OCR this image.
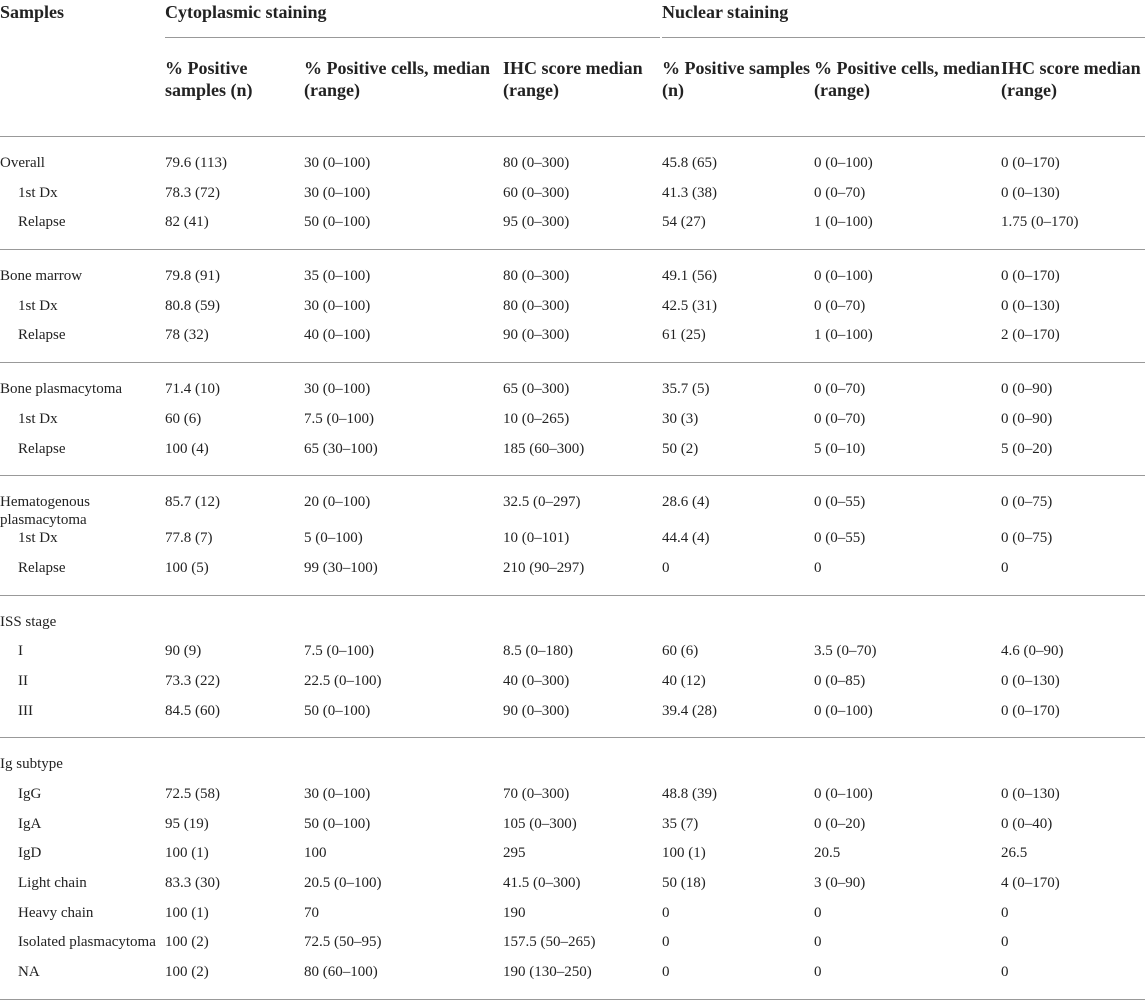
Samples	Cytoplasmic staining			Nuclear staining		

	% Positive samples (n)	% Positive cells, median (range)	IHC score median (range)	% Positive samples (n)	% Positive cells, median (range)	IHC score median (range)
Overall	79.6 (113)	30 (0–100)	80 (0–300)	45.8 (65)	0 (0–100)	0 (0–170)
1st Dx	78.3 (72)	30 (0–100)	60 (0–300)	41.3 (38)	0 (0–70)	0 (0–130)
Relapse	82 (41)	50 (0–100)	95 (0–300)	54 (27)	1 (0–100)	1.75 (0–170)
Bone marrow	79.8 (91)	35 (0–100)	80 (0–300)	49.1 (56)	0 (0–100)	0 (0–170)
1st Dx	80.8 (59)	30 (0–100)	80 (0–300)	42.5 (31)	0 (0–70)	0 (0–130)
Relapse	78 (32)	40 (0–100)	90 (0–300)	61 (25)	1 (0–100)	2 (0–170)
Bone plasmacytoma	71.4 (10)	30 (0–100)	65 (0–300)	35.7 (5)	0 (0–70)	0 (0–90)
1st Dx	60 (6)	7.5 (0–100)	10 (0–265)	30 (3)	0 (0–70)	0 (0–90)
Relapse	100 (4)	65 (30–100)	185 (60–300)	50 (2)	5 (0–10)	5 (0–20)
Hematogenous plasmacytoma	85.7 (12)	20 (0–100)	32.5 (0–297)	28.6 (4)	0 (0–55)	0 (0–75)
1st Dx	77.8 (7)	5 (0–100)	10 (0–101)	44.4 (4)	0 (0–55)	0 (0–75)
Relapse	100 (5)	99 (30–100)	210 (90–297)	0	0	0
ISS stage						
I	90 (9)	7.5 (0–100)	8.5 (0–180)	60 (6)	3.5 (0–70)	4.6 (0–90)
II	73.3 (22)	22.5 (0–100)	40 (0–300)	40 (12)	0 (0–85)	0 (0–130)
III	84.5 (60)	50 (0–100)	90 (0–300)	39.4 (28)	0 (0–100)	0 (0–170)
Ig subtype						
IgG	72.5 (58)	30 (0–100)	70 (0–300)	48.8 (39)	0 (0–100)	0 (0–130)
IgA	95 (19)	50 (0–100)	105 (0–300)	35 (7)	0 (0–20)	0 (0–40)
IgD	100 (1)	100	295	100 (1)	20.5	26.5
Light chain	83.3 (30)	20.5 (0–100)	41.5 (0–300)	50 (18)	3 (0–90)	4 (0–170)
Heavy chain	100 (1)	70	190	0	0	0
Isolated plasmacytoma	100 (2)	72.5 (50–95)	157.5 (50–265)	0	0	0
NA	100 (2)	80 (60–100)	190 (130–250)	0	0	0
